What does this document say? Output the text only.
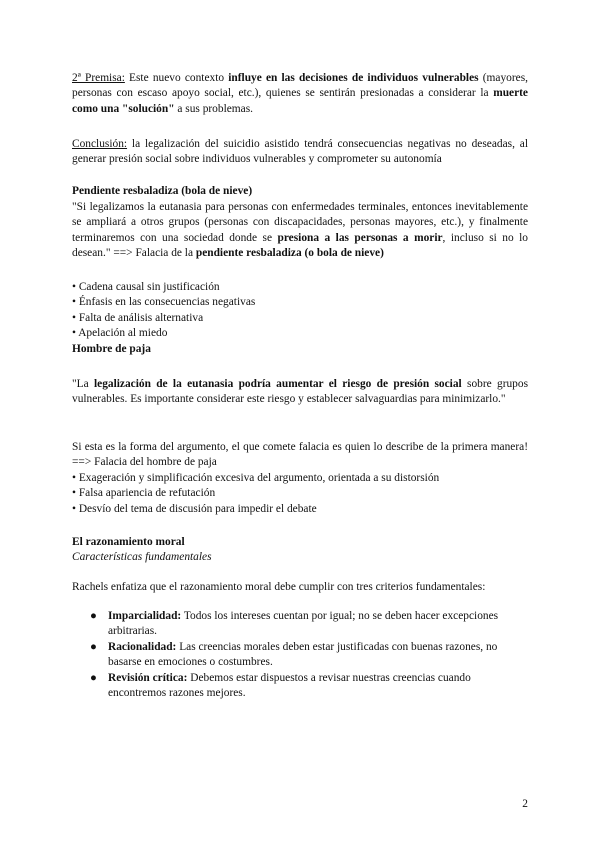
2ª Premisa: Este nuevo contexto influye en las decisiones de individuos vulnerables (mayores, personas con escaso apoyo social, etc.), quienes se sentirán presionadas a considerar la muerte como una "solución" a sus problemas.

Conclusión: la legalización del suicidio asistido tendrá consecuencias negativas no deseadas, al generar presión social sobre individuos vulnerables y comprometer su autonomía

Pendiente resbaladiza (bola de nieve)

"Si legalizamos la eutanasia para personas con enfermedades terminales, entonces inevitablemente se ampliará a otros grupos (personas con discapacidades, personas mayores, etc.), y finalmente terminaremos con una sociedad donde se presiona a las personas a morir, incluso si no lo desean." ==> Falacia de la pendiente resbaladiza (o bola de nieve)

• Cadena causal sin justificación

• Énfasis en las consecuencias negativas

• Falta de análisis alternativa

• Apelación al miedo

Hombre de paja

"La legalización de la eutanasia podría aumentar el riesgo de presión social sobre grupos vulnerables. Es importante considerar este riesgo y establecer salvaguardias para minimizarlo."

Si esta es la forma del argumento, el que comete falacia es quien lo describe de la primera manera! ==> Falacia del hombre de paja

• Exageración y simplificación excesiva del argumento, orientada a su distorsión

• Falsa apariencia de refutación

• Desvío del tema de discusión para impedir el debate

El razonamiento moral

Características fundamentales

Rachels enfatiza que el razonamiento moral debe cumplir con tres criterios fundamentales:

● Imparcialidad: Todos los intereses cuentan por igual; no se deben hacer excepciones arbitrarias.
● Racionalidad: Las creencias morales deben estar justificadas con buenas razones, no basarse en emociones o costumbres.
● Revisión crítica: Debemos estar dispuestos a revisar nuestras creencias cuando encontremos razones mejores.
2
